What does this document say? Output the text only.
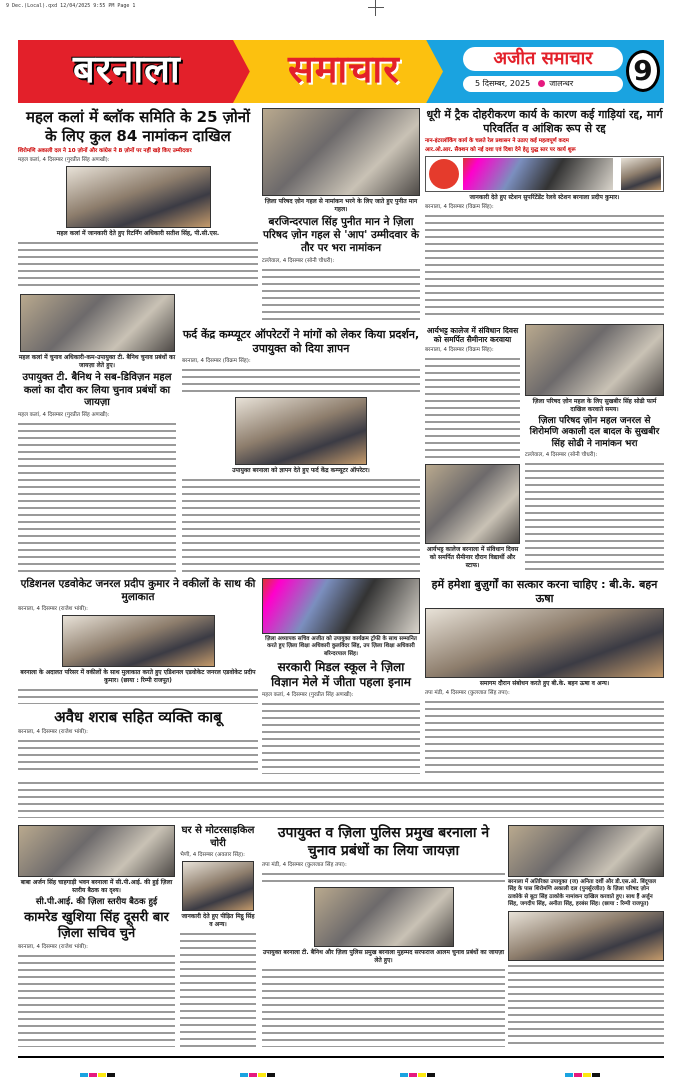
9 Dec.(Local).qxd 12/04/2025 9:55 PM Page 1
बरनाला	समाचार	अजीत समाचार
5 दिसम्बर, 2025 जालन्धर	9
महल कलां में ब्लॉक समिति के 25 ज़ोनों के लिए कुल 84 नामांकन दाखिल
शिरोमणि अकाली दल ने 10 ज़ोनों और कांग्रेस ने 8 ज़ोनों पर नहीं खड़े किए उम्मीदवार
महल कलां, 4 दिसम्बर (गुरप्रीत सिंह अणखी):
महल कलां में जानकारी देते हुए रिटर्निंग अधिकारी सतीश सिंह, पी.सी.एस.
ज़िला परिषद ज़ोन गहल से नामांकन भरने के लिए जाते हुए पुनीत मान गहल।
बरजिन्दरपाल सिंह पुनीत मान ने ज़िला परिषद ज़ोन गहल से 'आप' उम्मीदवार के तौर पर भरा नामांकन
टल्लेवाल, 4 दिसम्बर (सोनी चौधरी):
धूरी में ट्रैक दोहरीकरण कार्य के कारण कई गाड़ियां रद्द, मार्ग परिवर्तित व आंशिक रूप से रद्द
नान-इंटरलॉकिंग कार्य के चलते रेल प्रशासन ने उठाए कई महत्वपूर्ण कदम
आर.ओ.आर. सैक्शन को नई दशा एवं दिशा देने हेतु युद्ध स्तर पर कार्य शुरू
जानकारी देते हुए स्टेशन सुपरिंटेंडेंट रेलवे स्टेशन बरनाला प्रदीप कुमार।
बरनाला, 4 दिसम्बर (विक्रम सिंह):
महल कलां में चुनाव अधिकारी-कम-उपायुक्त टी. बैनिथ चुनाव प्रबंधों का जायज़ा लेते हुए।
उपायुक्त टी. बैनिथ ने सब-डिविज़न महल कलां का दौरा कर लिया चुनाव प्रबंधों का जायज़ा
महल कलां, 4 दिसम्बर (गुरप्रीत सिंह अणखी):
फर्द केंद्र कम्प्यूटर ऑपरेटरों ने मांगों को लेकर किया प्रदर्शन, उपायुक्त को दिया ज्ञापन
बरनाला, 4 दिसम्बर (विक्रम सिंह):
उपायुक्त बरनाला को ज्ञापन देते हुए फर्द केंद्र कम्प्यूटर ऑपरेटर।
आर्यभट्ट कालेज में संविधान दिवस को समर्पित सैमीनार करवाया
बरनाला, 4 दिसम्बर (विक्रम सिंह):
आर्यभट्ट कालेज बरनाला में संविधान दिवस को समर्पित सैमीनार दौरान विद्यार्थी और स्टाफ।
ज़िला परिषद ज़ोन महल के लिए सुखबीर सिंह सोढी फार्म दाखिल करवाते समय।
ज़िला परिषद ज़ोन महल जनरल से शिरोमणि अकाली दल बादल के सुखबीर सिंह सोढी ने नामांकन भरा
टल्लेवाल, 4 दिसम्बर (सोनी चौधरी):
एडिशनल एडवोकेट जनरल प्रदीप कुमार ने वकीलों के साथ की मुलाकात
बरनाला, 4 दिसम्बर (राजेश भांबी):
बरनाला के अदालत परिसर में वकीलों के साथ मुलाकात करते हुए एडिशनल एडवोकेट जनरल एडवोकेट प्रदीप कुमार। (छाया : रिम्पी राजपूत)
अवैध शराब सहित व्यक्ति काबू
बरनाला, 4 दिसम्बर (राजेश भांबी):
ज़िला अध्यापक सचिव अजीत को उपायुक्त कार्यक्रम ट्रॉफी के साथ सम्मानित करते हुए ज़िला शिक्षा अधिकारी कुलविंदर सिंह, उप ज़िला शिक्षा अधिकारी बरिन्दरपाल सिंह।
सरकारी मिडल स्कूल ने ज़िला विज्ञान मेले में जीता पहला इनाम
महल कलां, 4 दिसम्बर (गुरप्रीत सिंह अणखी):
हमें हमेशा बुज़ुर्गों का सत्कार करना चाहिए : बी.के. बहन ऊषा
समागम दौरान संबोधन करते हुए बी.के. बहन ऊषा व अन्य।
तपा मंडी, 4 दिसम्बर (कुलजात सिंह तपा):
बाबा अर्जन सिंह चाहगाड़ी भवन बरनाला में सी.पी.आई. की हुई ज़िला स्तरीय बैठक का दृश्य।
सी.पी.आई. की ज़िला स्तरीय बैठक हुई
कामरेड खुशिया सिंह दूसरी बार ज़िला सचिव चुने
बरनाला, 4 दिसम्बर (राजेश भांबी):
घर से मोटरसाइकिल चोरी
भैणी, 4 दिसम्बर (अवतार सिंह):
जानकारी देते हुए पीड़ित मिट्ठू सिंह व अन्य।
उपायुक्त व ज़िला पुलिस प्रमुख बरनाला ने चुनाव प्रबंधों का लिया जायज़ा
तपा मंडी, 4 दिसम्बर (कुलजात सिंह तपा):
उपायुक्त बरनाला टी. बैनिथ और ज़िला पुलिस प्रमुख बरनाला मुहम्मद सरफराज आलम चुनाव प्रबंधों का जायज़ा लेते हुए।
बरनाला में अतिरिक्त उपायुक्त (ज) अनिता दर्शी और डी.एस.ओ. बिंदूपाल सिंह के पास शिरोमणि अकाली दल (पुनर्सुरजीत) के ज़िला परिषद ज़ोन ठाकोके से बूटा सिंह ठाकोके नामांकन दाखिल करवाते हुए। साथ हैं अर्जुन सिंह, जगदीप सिंह, अनीता सिंह, हरबंस सिंह। (छाया : रिम्पी राजपूत)
